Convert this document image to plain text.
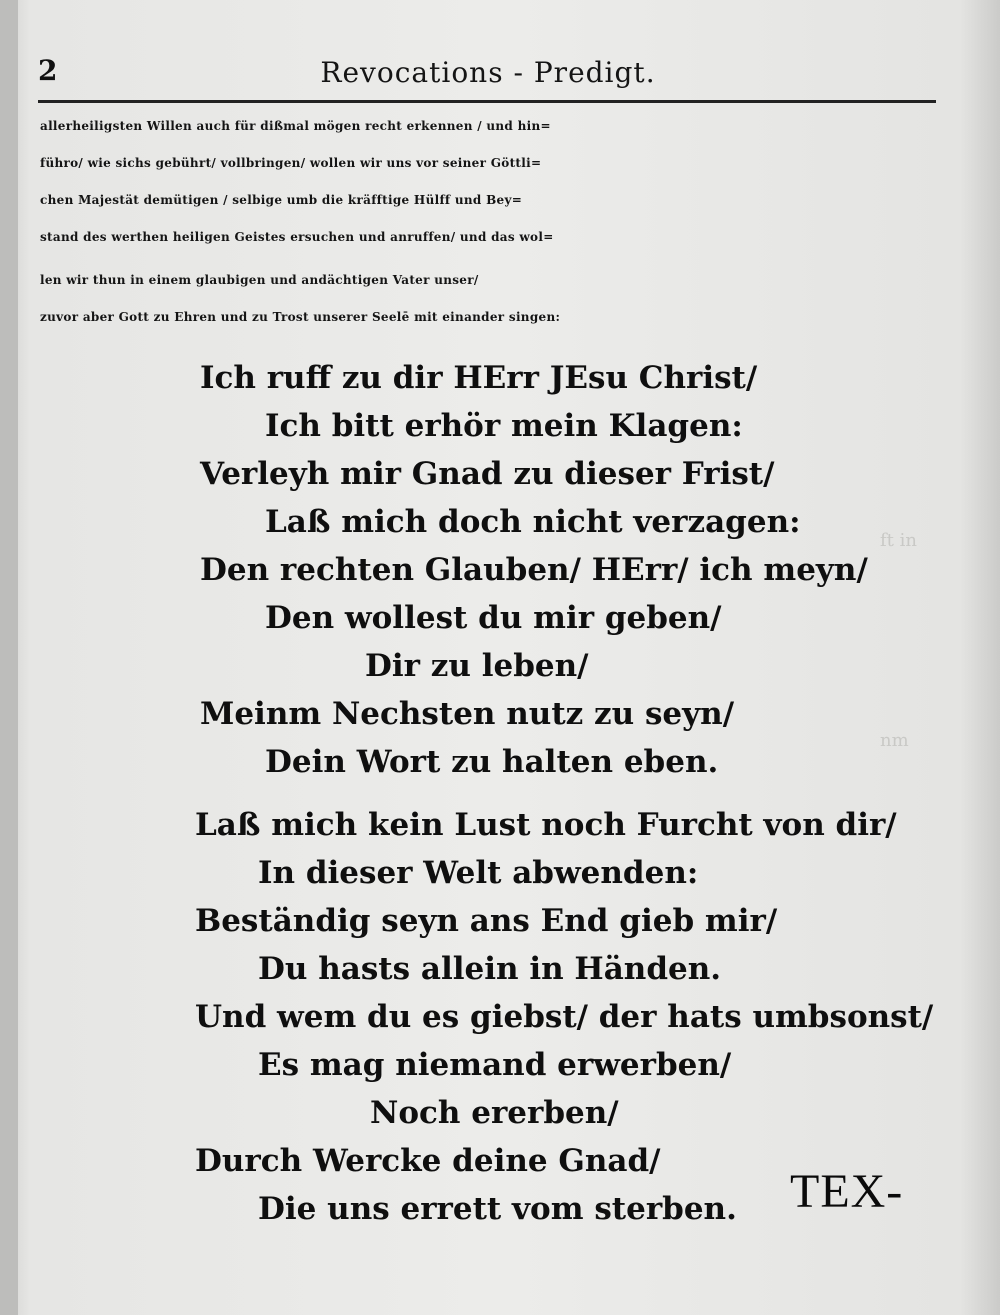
ft in
nm
2	Revocations - Predigt.
allerheiligsten Willen auch für dißmal mögen recht erkennen / und hin=
führo/ wie sichs gebührt/ vollbringen/ wollen wir uns vor seiner Göttli=
chen Majestät demütigen / selbige umb die kräfftige Hülff und Bey=
stand des werthen heiligen Geistes ersuchen und anruffen/ und das wol=
len wir thun in einem glaubigen und andächtigen Vater unser/
zuvor aber Gott zu Ehren und zu Trost unserer Seelē mit einander singen:
Ich ruff zu dir HErr JEsu Christ/
Ich bitt erhör mein Klagen:
Verleyh mir Gnad zu dieser Frist/
Laß mich doch nicht verzagen:
Den rechten Glauben/ HErr/ ich meyn/
Den wollest du mir geben/
Dir zu leben/
Meinm Nechsten nutz zu seyn/
Dein Wort zu halten eben.
Laß mich kein Lust noch Furcht von dir/
In dieser Welt abwenden:
Beständig seyn ans End gieb mir/
Du hasts allein in Händen.
Und wem du es giebst/ der hats umbsonst/
Es mag niemand erwerben/
Noch ererben/
Durch Wercke deine Gnad/
Die uns errett vom sterben. TEX-
